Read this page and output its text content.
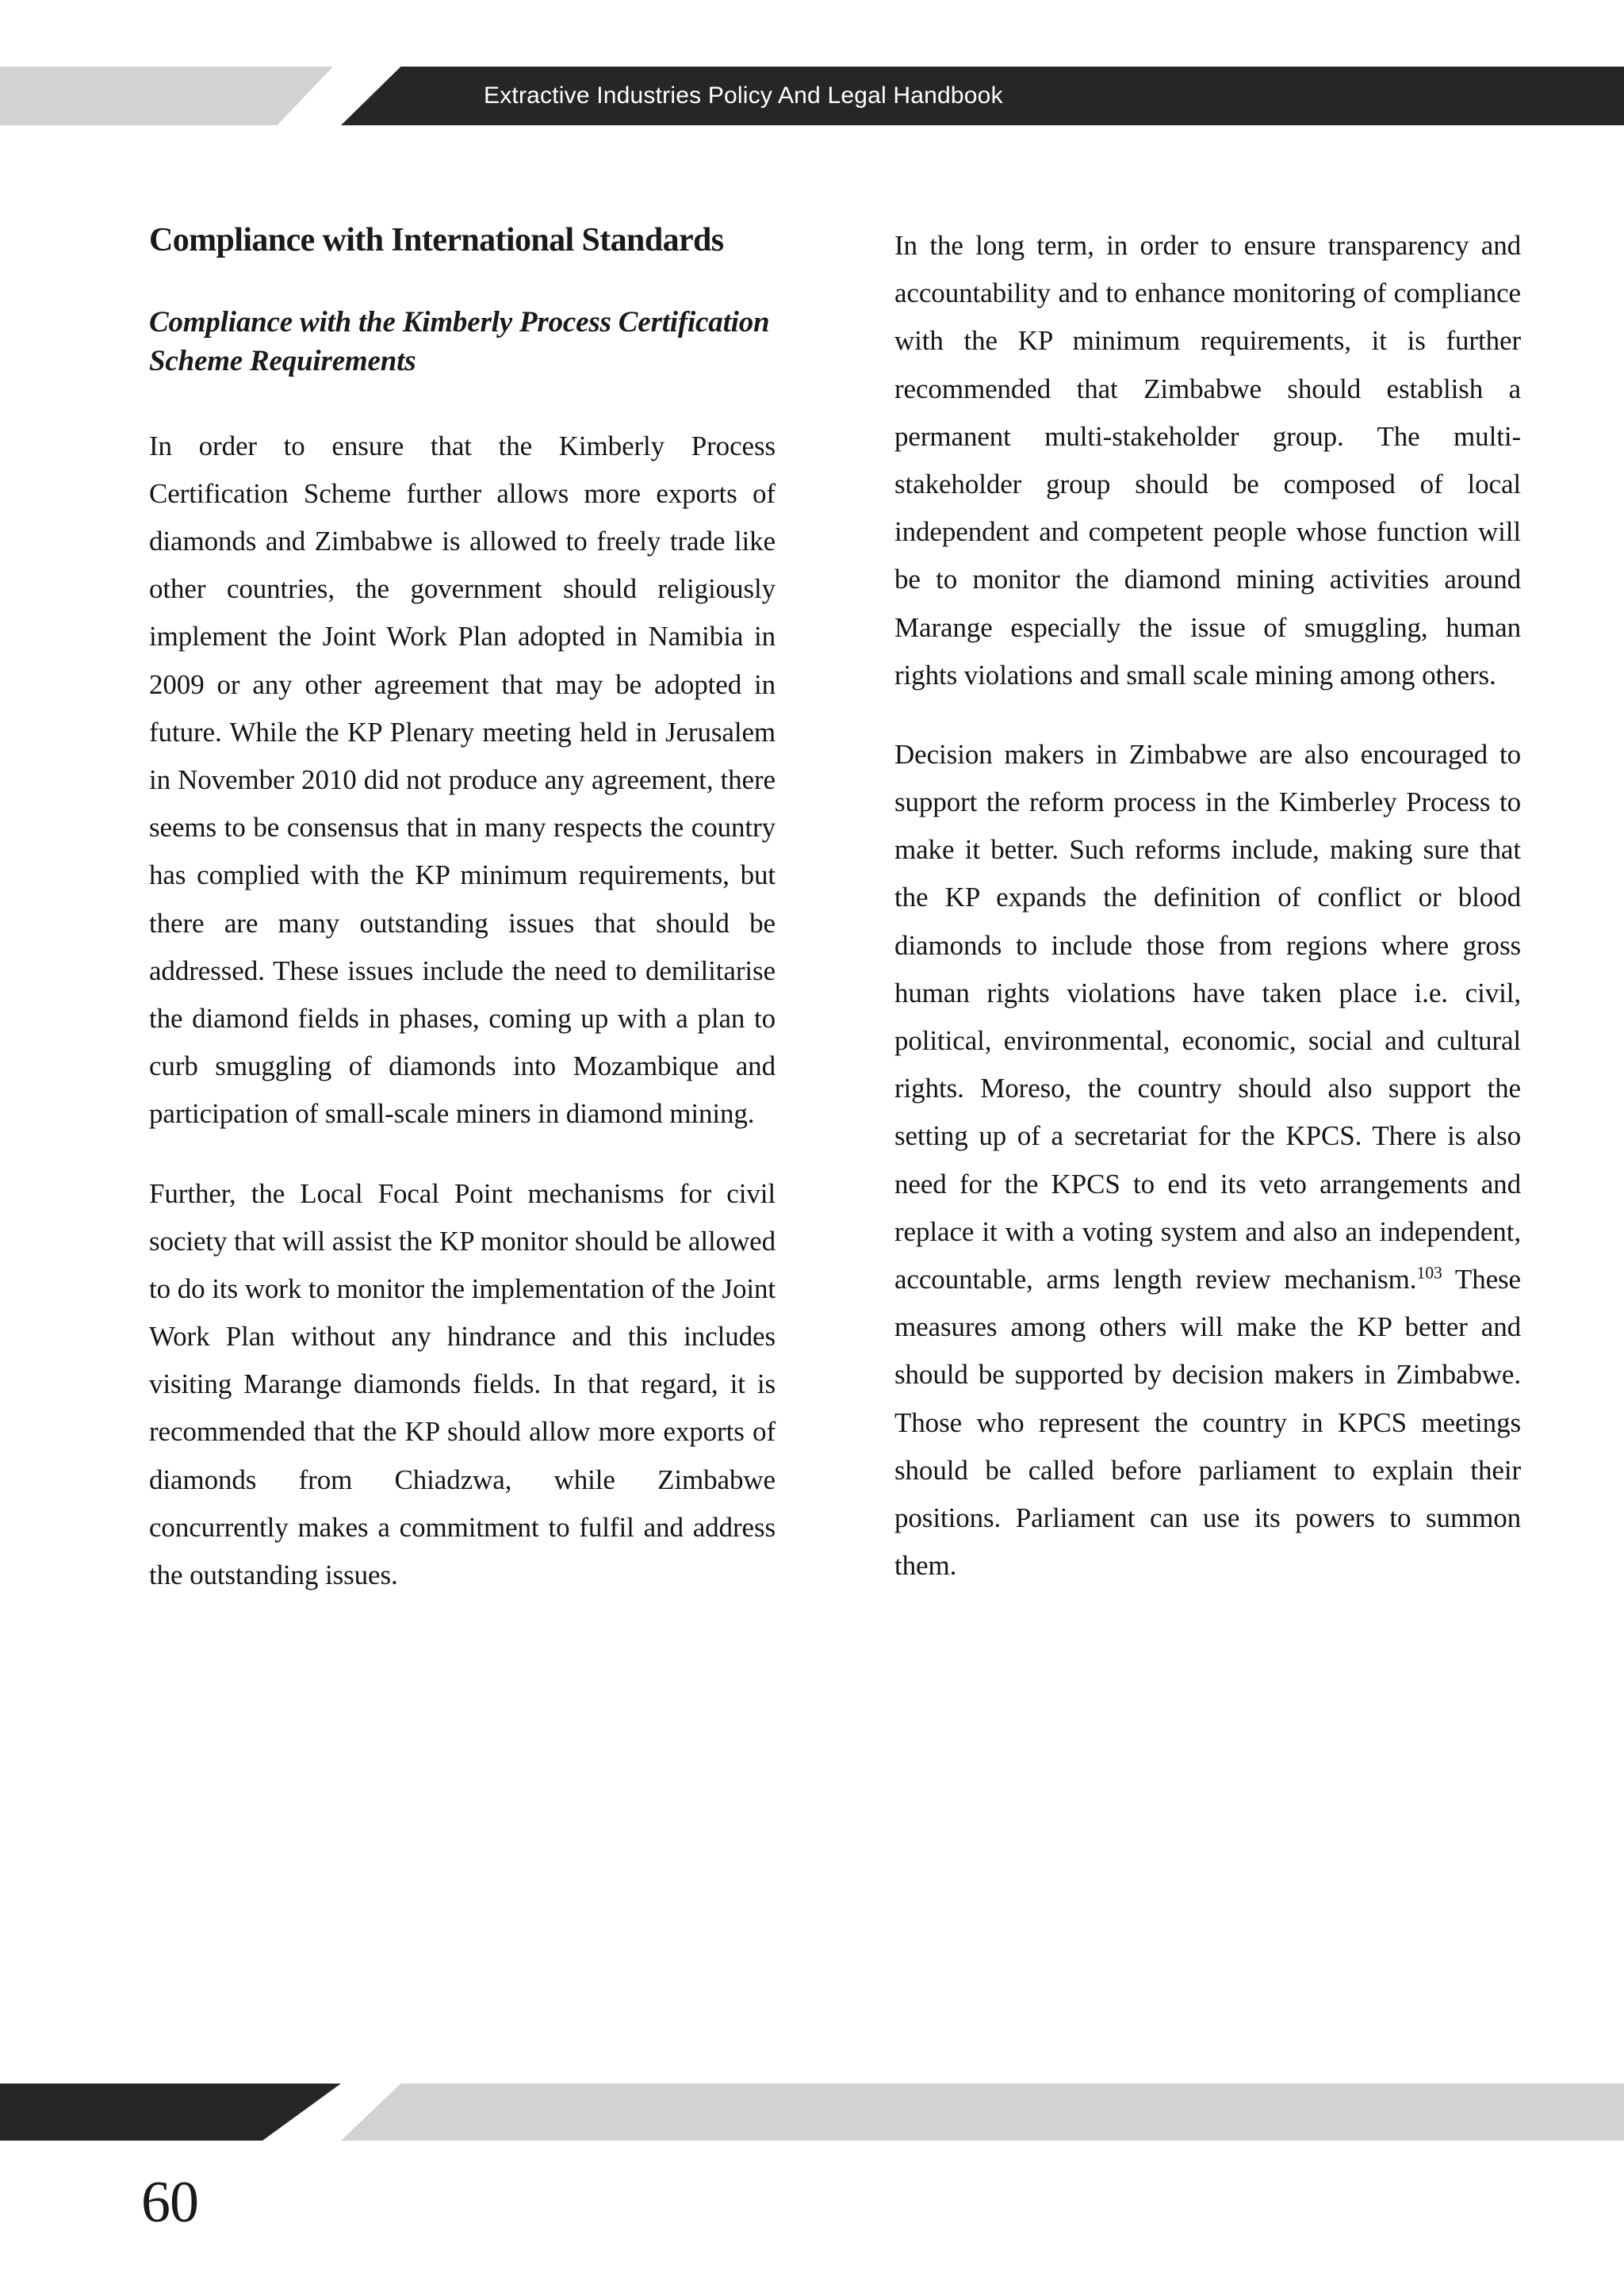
Extractive Industries Policy And Legal Handbook
Compliance with International Standards
Compliance with the Kimberly Process Certification Scheme Requirements

In order to ensure that the Kimberly Process Certification Scheme further allows more exports of diamonds and Zimbabwe is allowed to freely trade like other countries, the government should religiously implement the Joint Work Plan adopted in Namibia in 2009 or any other agreement that may be adopted in future. While the KP Plenary meeting held in Jerusalem in November 2010 did not produce any agreement, there seems to be consensus that in many respects the country has complied with the KP minimum requirements, but there are many outstanding issues that should be addressed. These issues include the need to demilitarise the diamond fields in phases, coming up with a plan to curb smuggling of diamonds into Mozambique and participation of small-scale miners in diamond mining.

Further, the Local Focal Point mechanisms for civil society that will assist the KP monitor should be allowed to do its work to monitor the implementation of the Joint Work Plan without any hindrance and this includes visiting Marange diamonds fields. In that regard, it is recommended that the KP should allow more exports of diamonds from Chiadzwa, while Zimbabwe concurrently makes a commitment to fulfil and address the outstanding issues.

In the long term, in order to ensure transparency and accountability and to enhance monitoring of compliance with the KP minimum requirements, it is further recommended that Zimbabwe should establish a permanent multi-stakeholder group. The multi-stakeholder group should be composed of local independent and competent people whose function will be to monitor the diamond mining activities around Marange especially the issue of smuggling, human rights violations and small scale mining among others.

Decision makers in Zimbabwe are also encouraged to support the reform process in the Kimberley Process to make it better. Such reforms include, making sure that the KP expands the definition of conflict or blood diamonds to include those from regions where gross human rights violations have taken place i.e. civil, political, environmental, economic, social and cultural rights. Moreso, the country should also support the setting up of a secretariat for the KPCS. There is also need for the KPCS to end its veto arrangements and replace it with a voting system and also an independent, accountable, arms length review mechanism.$^{103}$ These measures among others will make the KP better and should be supported by decision makers in Zimbabwe. Those who represent the country in KPCS meetings should be called before parliament to explain their positions. Parliament can use its powers to summon them.

60
